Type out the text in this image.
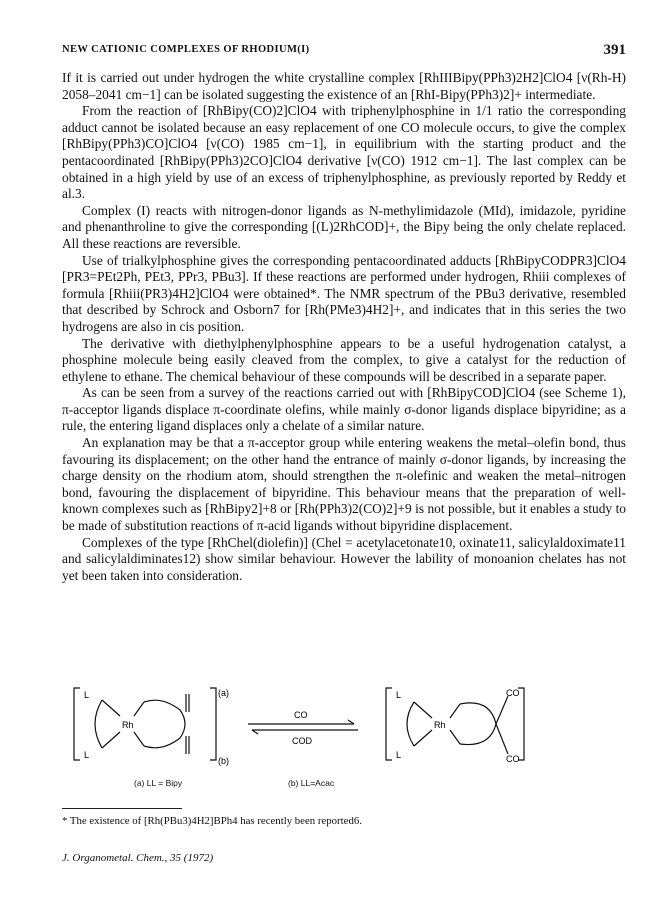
NEW CATIONIC COMPLEXES OF RHODIUM(I)	391

If it is carried out under hydrogen the white crystalline complex [RhIIIBipy(PPh3)2H2]ClO4 [ν(Rh-H) 2058–2041 cm−1] can be isolated suggesting the existence of an [RhI-Bipy(PPh3)2]+ intermediate.

From the reaction of [RhBipy(CO)2]ClO4 with triphenylphosphine in 1/1 ratio the corresponding adduct cannot be isolated because an easy replacement of one CO molecule occurs, to give the complex [RhBipy(PPh3)CO]ClO4 [ν(CO) 1985 cm−1], in equilibrium with the starting product and the pentacoordinated [RhBipy(PPh3)2CO]ClO4 derivative [ν(CO) 1912 cm−1]. The last complex can be obtained in a high yield by use of an excess of triphenylphosphine, as previously reported by Reddy et al.3.

Complex (I) reacts with nitrogen-donor ligands as N-methylimidazole (MId), imidazole, pyridine and phenanthroline to give the corresponding [(L)2RhCOD]+, the Bipy being the only chelate replaced. All these reactions are reversible.

Use of trialkylphosphine gives the corresponding pentacoordinated adducts [RhBipyCODPR3]ClO4 [PR3=PEt2Ph, PEt3, PPr3, PBu3]. If these reactions are performed under hydrogen, Rhiii complexes of formula [Rhiii(PR3)4H2]ClO4 were obtained*. The NMR spectrum of the PBu3 derivative, resembled that described by Schrock and Osborn7 for [Rh(PMe3)4H2]+, and indicates that in this series the two hydrogens are also in cis position.

The derivative with diethylphenylphosphine appears to be a useful hydrogenation catalyst, a phosphine molecule being easily cleaved from the complex, to give a catalyst for the reduction of ethylene to ethane. The chemical behaviour of these compounds will be described in a separate paper.

As can be seen from a survey of the reactions carried out with [RhBipyCOD]ClO4 (see Scheme 1), π-acceptor ligands displace π-coordinate olefins, while mainly σ-donor ligands displace bipyridine; as a rule, the entering ligand displaces only a chelate of a similar nature.

An explanation may be that a π-acceptor group while entering weakens the metal–olefin bond, thus favouring its displacement; on the other hand the entrance of mainly σ-donor ligands, by increasing the charge density on the rhodium atom, should strengthen the π-olefinic and weaken the metal–nitrogen bond, favouring the displacement of bipyridine. This behaviour means that the preparation of well-known complexes such as [RhBipy2]+8 or [Rh(PPh3)2(CO)2]+9 is not possible, but it enables a study to be made of substitution reactions of π-acid ligands without bipyridine displacement.

Complexes of the type [RhChel(diolefin)] (Chel = acetylacetonate10, oxinate11, salicylaldoximate11 and salicylaldiminates12) show similar behaviour. However the lability of monoanion chelates has not yet been taken into consideration.

(a)
(b)
Rh
L
L
CO
COD
Rh
L
L
CO
CO
(a) LL = Bipy	(b) LL=Acac
* The existence of [Rh(PBu3)4H2]BPh4 has recently been reported6.
J. Organometal. Chem., 35 (1972)
